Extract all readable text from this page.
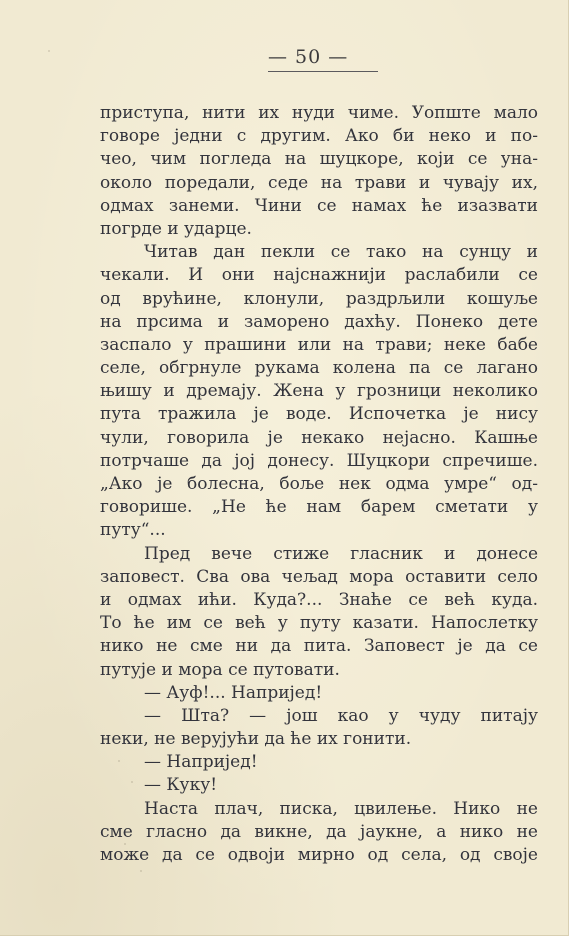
— 50 —
приступа, нити их нуди чиме. Уопште мало
говоре једни с другим. Ако би неко и по-
чео, чим погледа на шуцкоре, који се уна-
около поредали, седе на трави и чувају их,
одмах занеми. Чини се намах ће изазвати
погрде и ударце.
Читав дан пекли се тако на сунцу и
чекали. И они најснажнији раслабили се
од врућине, клонули, раздрљили кошуље
на прсима и заморено дахћу. Понеко дете
заспало у прашини или на трави; неке бабе
селе, обгрнуле рукама колена па се лагано
њишу и дремају. Жена у грозници неколико
пута тражила је воде. Испочетка је нису
чули, говорила је некако нејасно. Кашње
потрчаше да јој донесу. Шуцкори спречише.
„Ако је болесна, боље нек одма умре“ од-
говорише. „Не ће нам барем сметати у
путу“...
Пред вече стиже гласник и донесе
заповест. Сва ова чељад мора оставити село
и одмах ићи. Куда?... Знаће се већ куда.
То ће им се већ у путу казати. Напослетку
нико не сме ни да пита. Заповест је да се
путује и мора се путовати.
— Ауф!... Напријед!
— Шта? — још као у чуду питају
неки, не верујући да ће их гонити.
— Напријед!
— Куку!
Наста плач, писка, цвилење. Нико не
сме гласно да викне, да јаукне, а нико не
може да се одвоји мирно од села, од своје
